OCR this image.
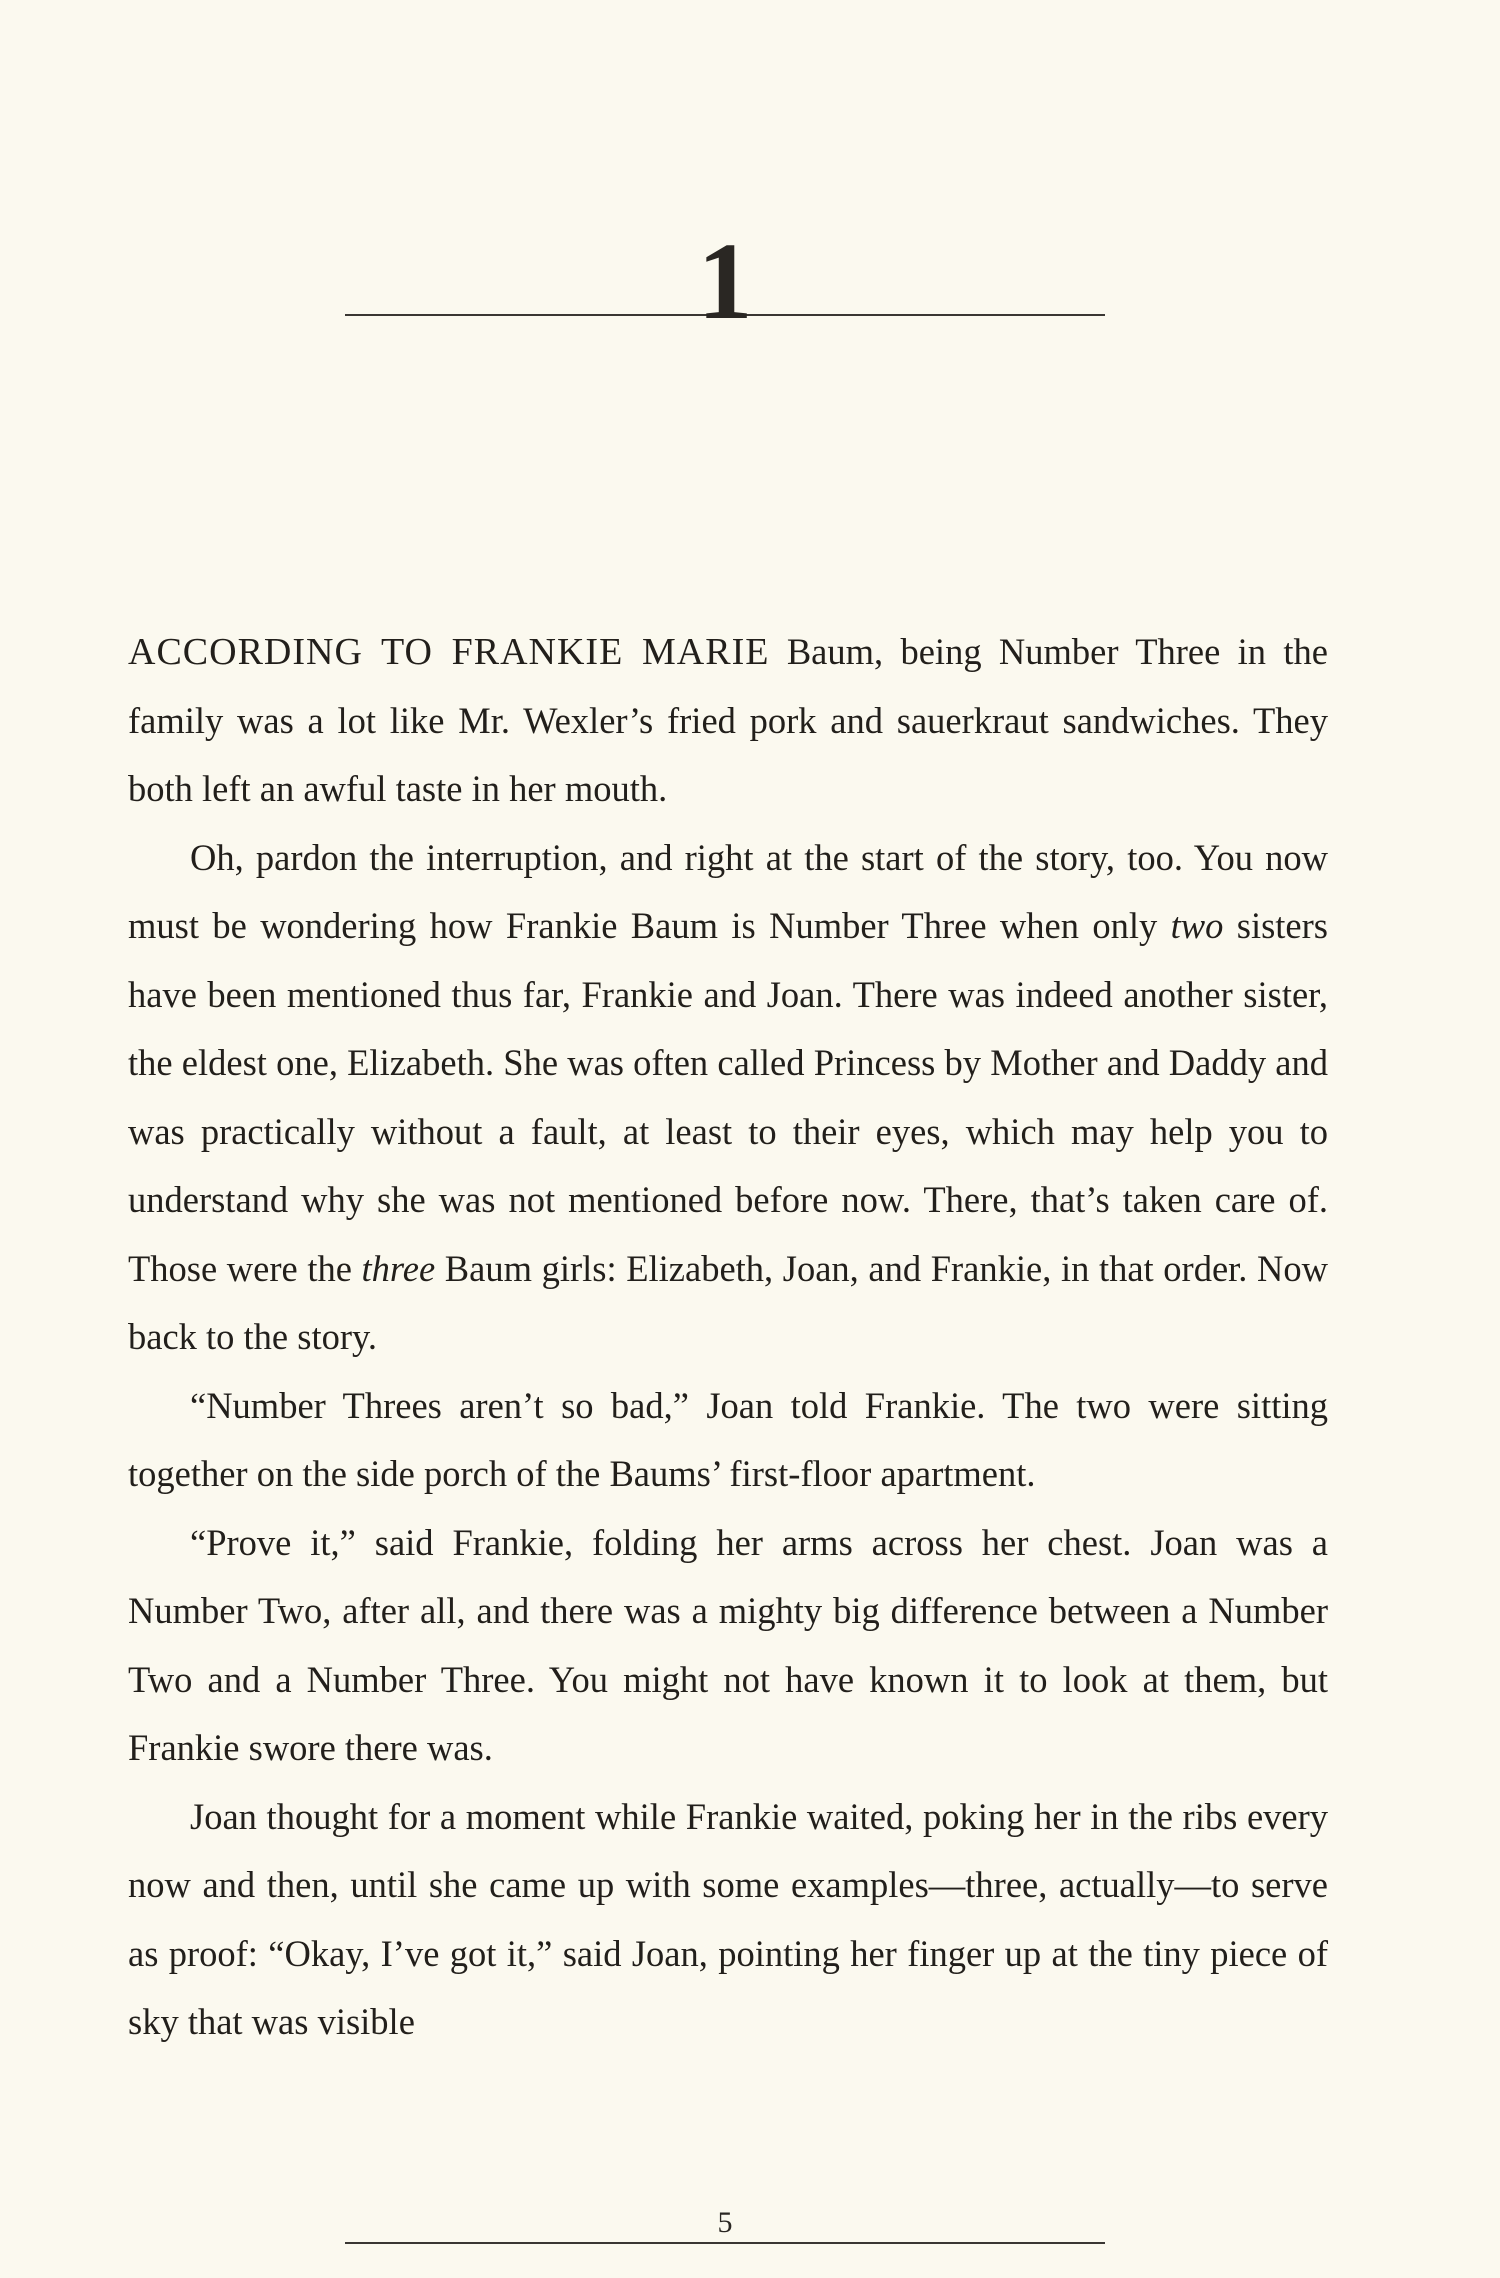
1

ACCORDING TO FRANKIE MARIE Baum, being Number Three in the family was a lot like Mr. Wexler’s fried pork and sauerkraut sandwiches. They both left an awful taste in her mouth.

Oh, pardon the interruption, and right at the start of the story, too. You now must be wondering how Frankie Baum is Number Three when only two sisters have been mentioned thus far, Frankie and Joan. There was indeed another sister, the eldest one, Elizabeth. She was often called Princess by Mother and Daddy and was practically without a fault, at least to their eyes, which may help you to understand why she was not mentioned before now. There, that’s taken care of. Those were the three Baum girls: Elizabeth, Joan, and Frankie, in that order. Now back to the story.

“Number Threes aren’t so bad,” Joan told Frankie. The two were sitting together on the side porch of the Baums’ first-floor apartment.

“Prove it,” said Frankie, folding her arms across her chest. Joan was a Number Two, after all, and there was a mighty big difference between a Number Two and a Number Three. You might not have known it to look at them, but Frankie swore there was.

Joan thought for a moment while Frankie waited, poking her in the ribs every now and then, until she came up with some examples—three, actually—to serve as proof: “Okay, I’ve got it,” said Joan, pointing her finger up at the tiny piece of sky that was visible

5
